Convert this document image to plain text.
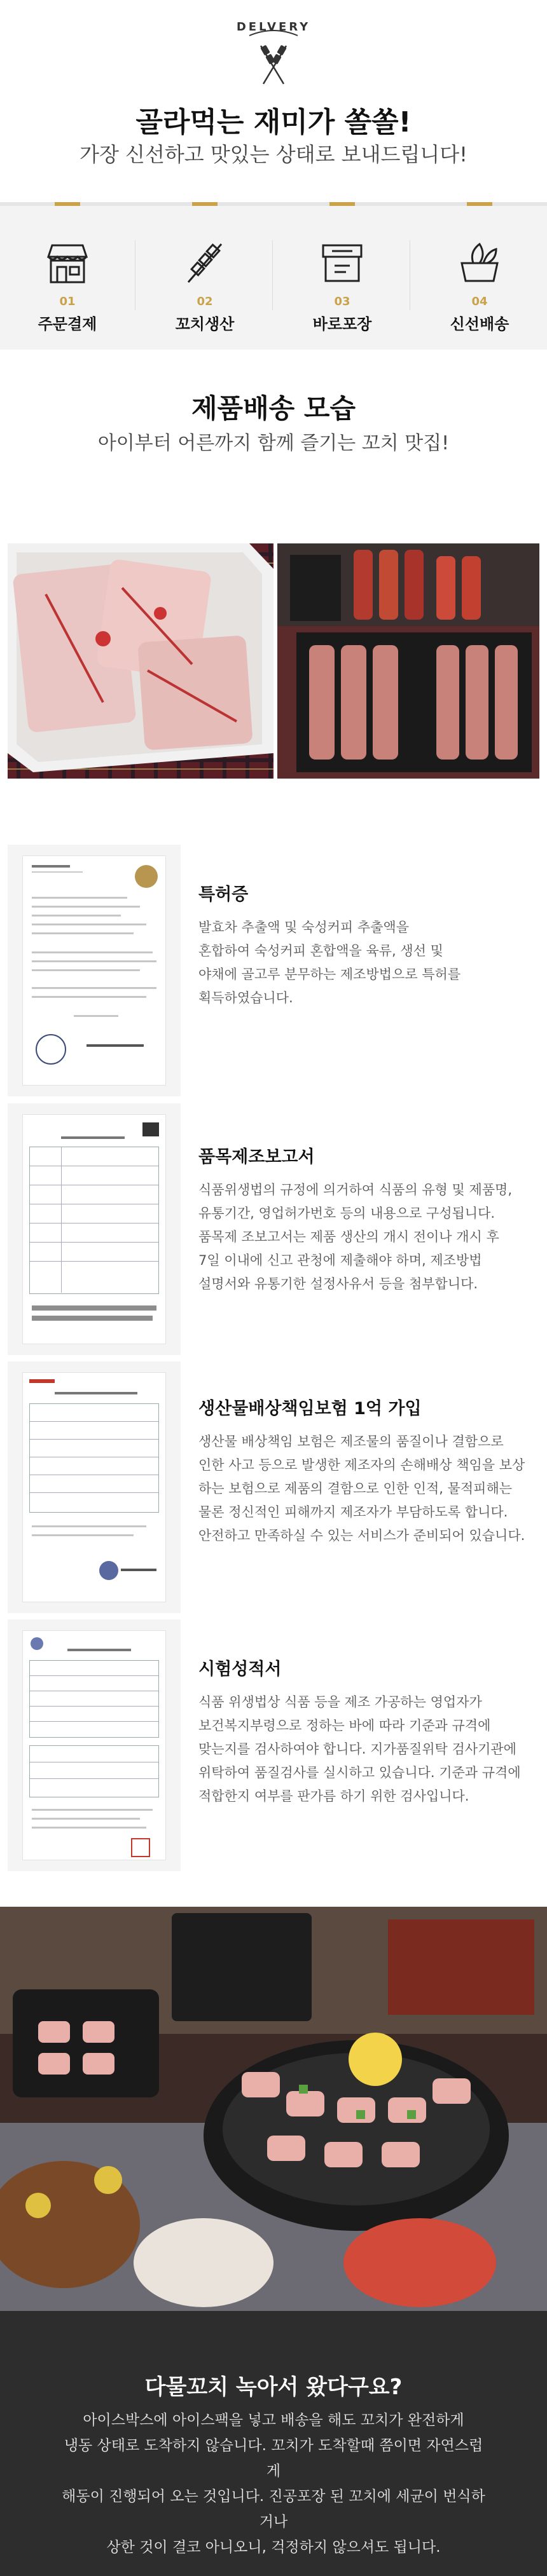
DELVERY
골라먹는 재미가 쏠쏠!
가장 신선하고 맛있는 상태로 보내드립니다!
01
주문결제
02
꼬치생산
03
바로포장
04
신선배송
제품배송 모습
아이부터 어른까지 함께 즐기는 꼬치 맛집!
특허증
발효차 추출액 및 숙성커피 추출액을
혼합하여 숙성커피 혼합액을 육류, 생선 및
야채에 골고루 분무하는 제조방법으로 특허를
획득하였습니다.
품목제조보고서
식품위생법의 규정에 의거하여 식품의 유형 및 제품명,
유통기간, 영업허가번호 등의 내용으로 구성됩니다.
품목제 조보고서는 제품 생산의 개시 전이나 개시 후
7일 이내에 신고 관청에 제출해야 하며, 제조방법
설명서와 유통기한 설정사유서 등을 첨부합니다.
생산물배상책임보험 1억 가입
생산물 배상책임 보험은 제조물의 품질이나 결함으로
인한 사고 등으로 발생한 제조자의 손해배상 책임을 보상
하는 보험으로 제품의 결함으로 인한 인적, 물적피해는
물론 정신적인 피해까지 제조자가 부담하도록 합니다.
안전하고 만족하실 수 있는 서비스가 준비되어 있습니다.
시험성적서
식품 위생법상 식품 등을 제조 가공하는 영업자가
보건복지부령으로 정하는 바에 따라 기준과 규격에
맞는지를 검사하여야 합니다. 지가품질위탁 검사기관에
위탁하여 품질검사를 실시하고 있습니다. 기준과 규격에
적합한지 여부를 판가름 하기 위한 검사입니다.
다물꼬치 녹아서 왔다구요?
아이스박스에 아이스팩을 넣고 배송을 해도 꼬치가 완전하게
냉동 상태로 도착하지 않습니다. 꼬치가 도착할때 쯤이면 자연스럽게
해동이 진행되어 오는 것입니다. 진공포장 된 꼬치에 세균이 번식하거나
상한 것이 결코 아니오니, 걱정하지 않으셔도 됩니다.
